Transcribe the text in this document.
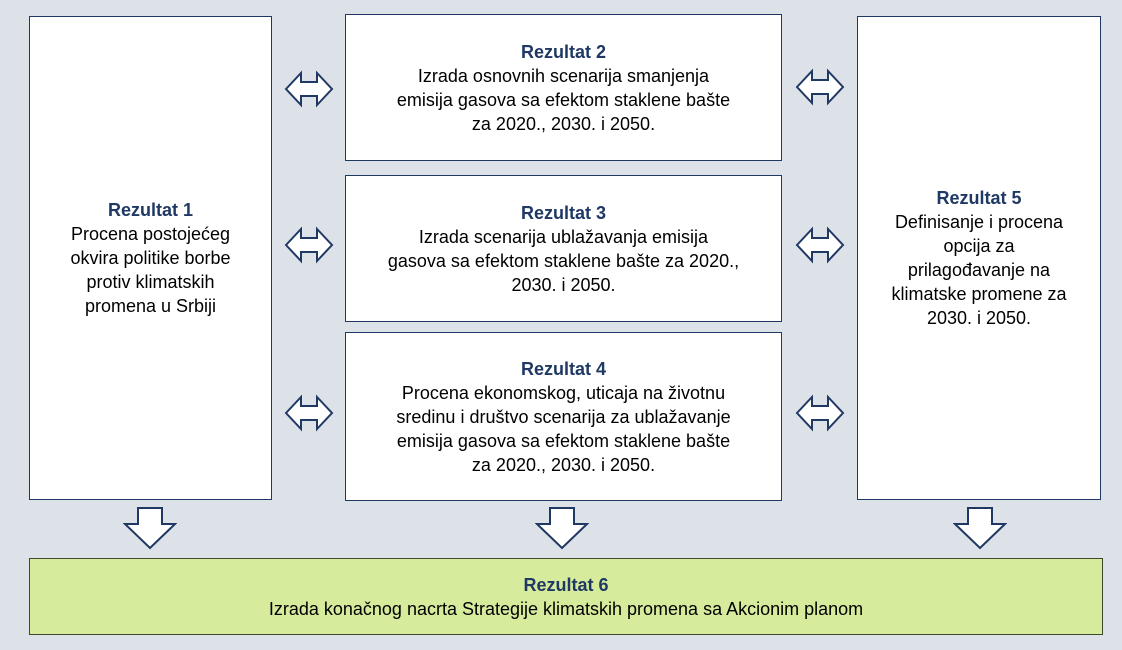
Rezultat 1
Procena postojećeg
okvira politike borbe
protiv klimatskih
promena u Srbiji
Rezultat 2
Izrada osnovnih scenarija smanjenja
emisija gasova sa efektom staklene bašte
za 2020., 2030. i 2050.
Rezultat 3
Izrada scenarija ublažavanja emisija
gasova sa efektom staklene bašte za 2020.,
2030. i 2050.
Rezultat 4
Procena ekonomskog, uticaja na životnu
sredinu i društvo scenarija za ublažavanje
emisija gasova sa efektom staklene bašte
za 2020., 2030. i 2050.
Rezultat 5
Definisanje i procena
opcija za
prilagođavanje na
klimatske promene za
2030. i 2050.
Rezultat 6
Izrada konačnog nacrta Strategije klimatskih promena sa Akcionim planom
